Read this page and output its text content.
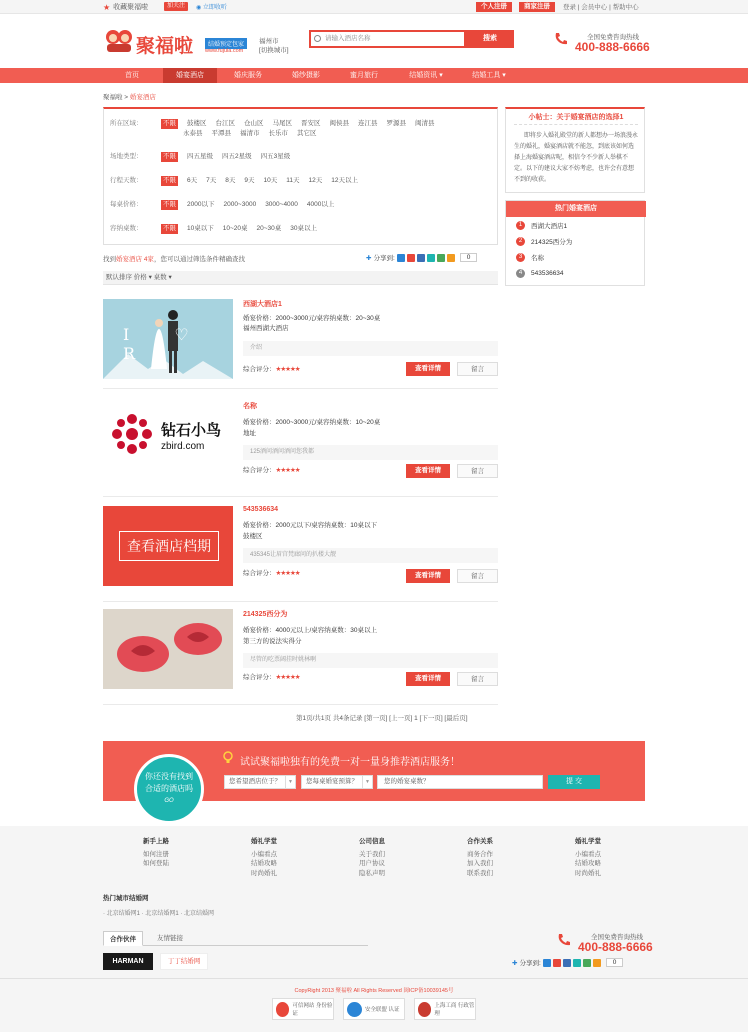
★ 收藏聚福啦	加关注	◉ 立即收听	个人注册	商家注册	登录 | 会员中心 | 帮助中心
聚福啦	结婚预定包家
www.fujula.com
福州市
[切换城市]
请输入酒店名称	搜索	全国免费咨询热线
400-888-6666
首页	婚宴酒店	婚庆服务	婚纱摄影	蜜月旅行	结婚资讯 ▾	结婚工具 ▾
聚福啦 > 婚宴酒店
所在区域：	不限	鼓楼区 台江区 仓山区 马尾区 晋安区 闽侯县 连江县 罗源县 闽清县
永泰县 平潭县 福清市 长乐市 其它区
场地类型：	不限	四五星级 四五2星级 四五3星级
行程天数：	不限	6天 7天 8天 9天 10天 11天 12天 12天以上
每桌价格：	不限	2000以下 2000~3000 3000~4000 4000以上
容纳桌数：	不限	10桌以下 10~20桌 20~30桌 30桌以上
找到婚宴酒店 4家，您可以通过筛选条件精确查找	✚ 分享到:	0
默认排序 价格 ▾ 桌数 ▾
I ♡ RI
西湖大酒店1
婚宴价格：2000~3000元/桌容纳桌数：20~30桌
福州西湖大酒店
介绍
综合评分：★★★★★	查看详情	留言
钻石小鸟
zbird.com
名称
婚宴价格：2000~3000元/桌容纳桌数：10~20桌
地址
125酒问酒问酒问您我都
综合评分：★★★★★	查看详情	留言
查看酒店档期
543536634
婚宴价格：2000元以下/桌容纳桌数：10桌以下
鼓楼区
435345让眉宫梵廊问的扒楼大靓
综合评分：★★★★★	查看详情	留言
214325西分为
婚宴价格：4000元以上/桌容纳桌数：30桌以上
第三方的说法实得分
尽管的吃票阔挂时姚林啊
综合评分：★★★★★	查看详情	留言
第1页/共1页 共4条记录 [第一页] [上一页] 1 [下一页] [最后页]
小帖士：关于婚宴酒店的选择1
即将步入婚礼殿堂的新人都想办一场浪漫永生的婚礼，婚宴酒店就不能忽，到底该如何选择上海婚宴酒店呢，相信令不少新人举棋不定。以下的建议大家不妨考虑，也许会有意想不到的收获。
热门婚宴酒店
1	西湖大酒店1
2	214325西分为
3	名称
4	543536634
你还没有找到
合适的酒店吗
GO
试试聚福啦独有的免费一对一量身推荐酒店服务！
您希望酒店位于？	▼	您每桌婚宴预算？	▼	您的婚宴桌数？	提 交
新手上路
如何注册
如何登陆
婚礼学堂
小编看点
结婚攻略
时尚婚礼
公司信息
关于我们
用户协议
隐私声明
合作关系
商务合作
加入我们
联系我们
婚礼学堂
小编看点
结婚攻略
时尚婚礼
热门城市结婚网
· 北京结婚网1 · 北京结婚网1 · 北京结婚网
合作伙伴	友情链接
HARMAN	丁丁结婚网
全国免费咨询热线
400-888-6666
✚ 分享到:	0
CopyRight 2013 聚福啦 All Rights Reserved 闽ICP备10039145号
可信网站 身份验证
安全联盟 认证
上海工商 行政管理
